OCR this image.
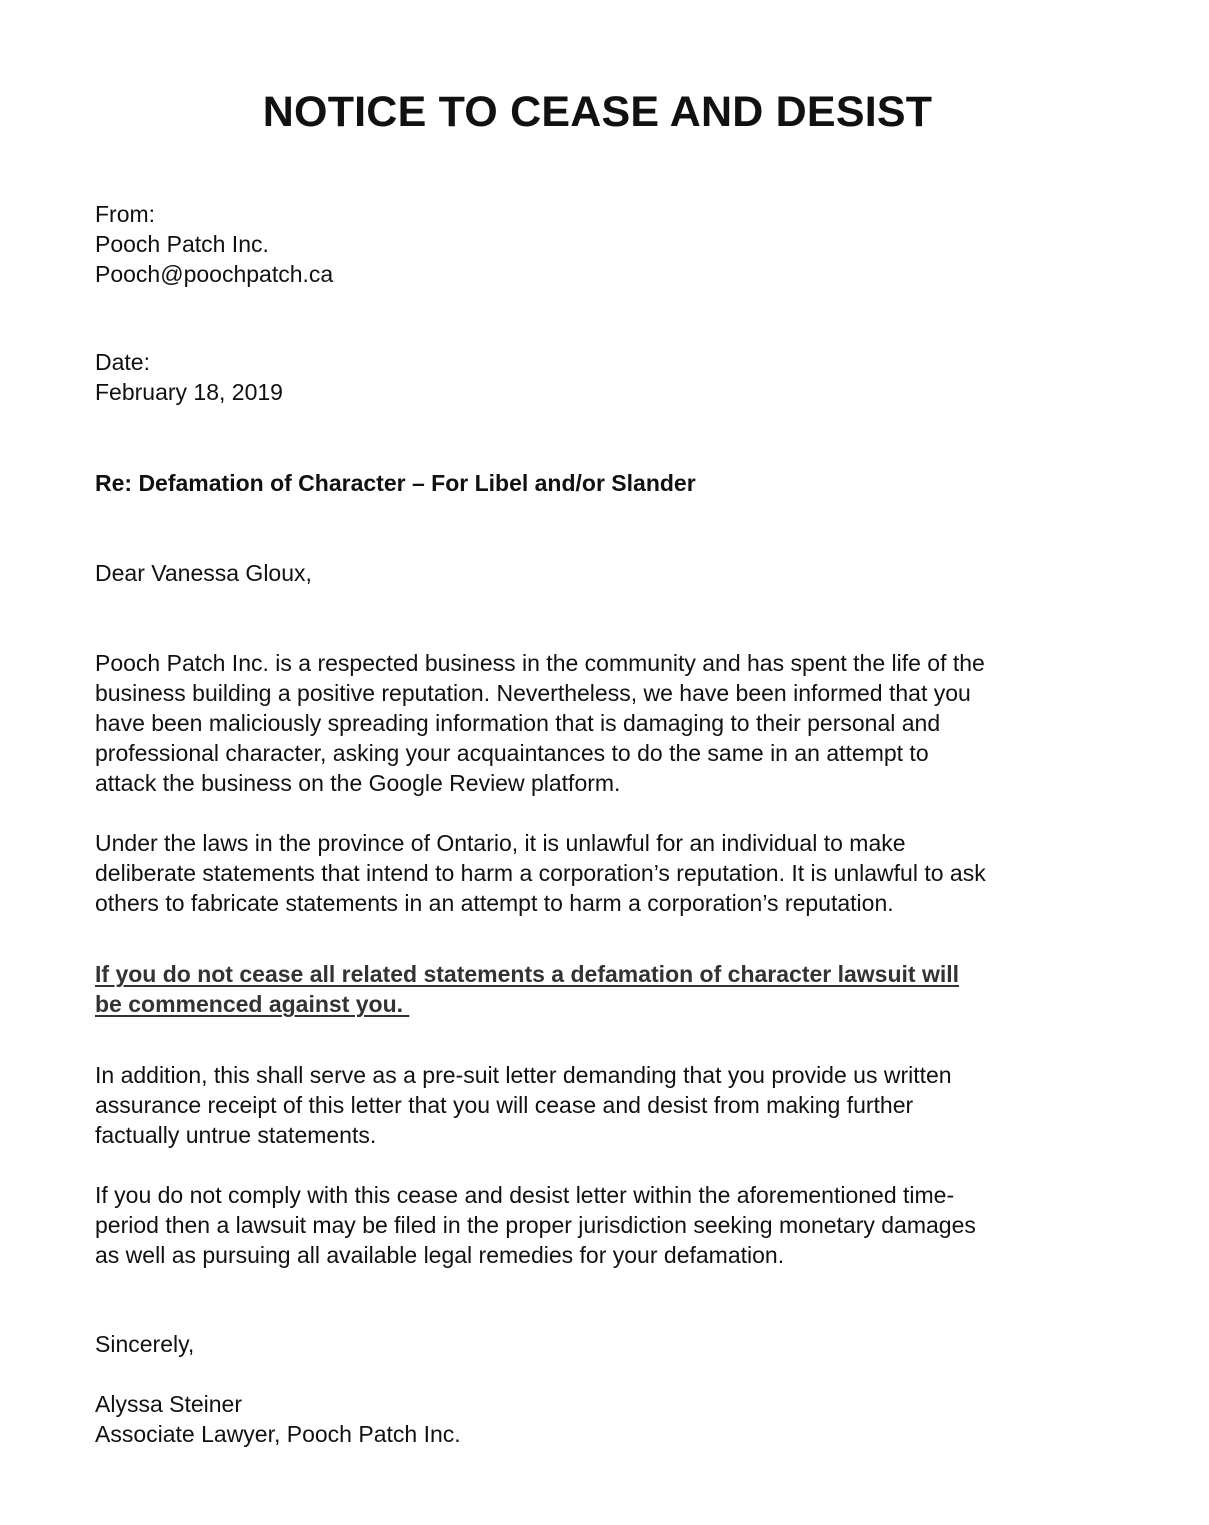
NOTICE TO CEASE AND DESIST
From:
Pooch Patch Inc.
Pooch@poochpatch.ca
Date:
February 18, 2019
Re: Defamation of Character – For Libel and/or Slander
Dear Vanessa Gloux,
Pooch Patch Inc. is a respected business in the community and has spent the life of the
business building a positive reputation. Nevertheless, we have been informed that you
have been maliciously spreading information that is damaging to their personal and
professional character, asking your acquaintances to do the same in an attempt to
attack the business on the Google Review platform.
Under the laws in the province of Ontario, it is unlawful for an individual to make
deliberate statements that intend to harm a corporation’s reputation. It is unlawful to ask
others to fabricate statements in an attempt to harm a corporation’s reputation.
If you do not cease all related statements a defamation of character lawsuit will
be commenced against you.
In addition, this shall serve as a pre-suit letter demanding that you provide us written
assurance receipt of this letter that you will cease and desist from making further
factually untrue statements.
If you do not comply with this cease and desist letter within the aforementioned time-
period then a lawsuit may be filed in the proper jurisdiction seeking monetary damages
as well as pursuing all available legal remedies for your defamation.
Sincerely,
Alyssa Steiner
Associate Lawyer, Pooch Patch Inc.
